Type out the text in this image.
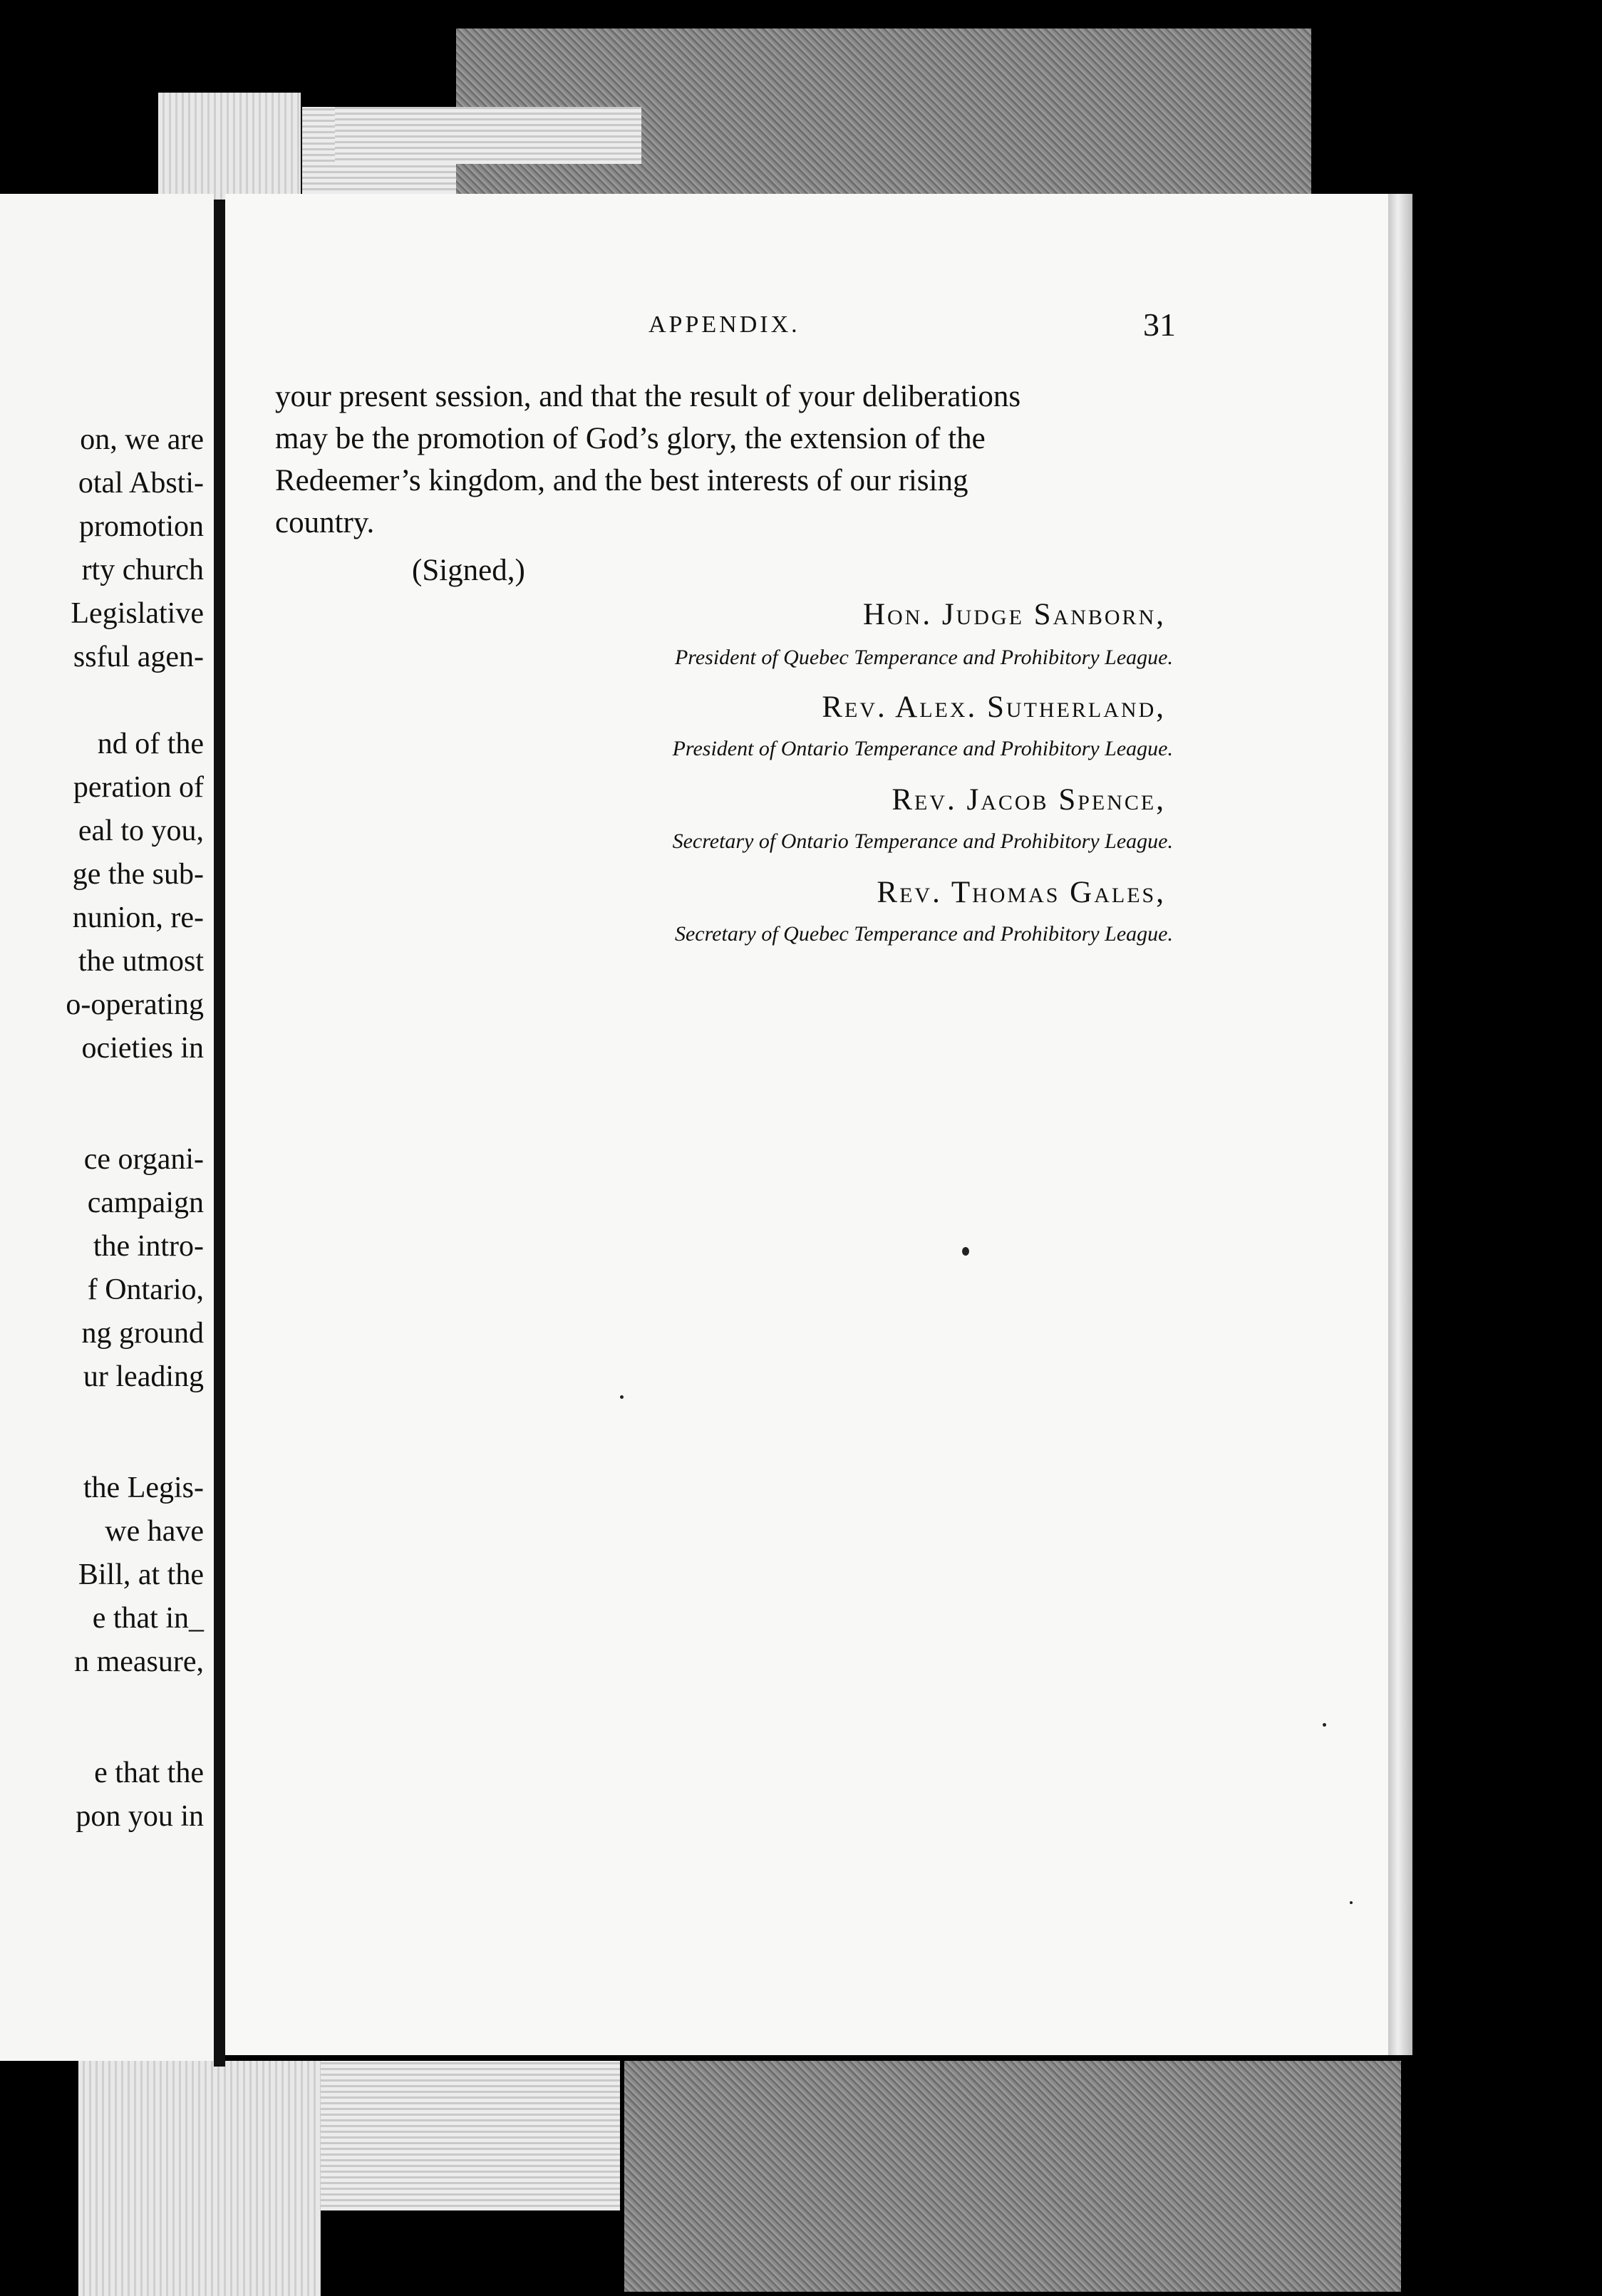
on, we are
otal Absti-
promotion
rty church
Legislative
ssful agen-
nd of the
peration of
eal to you,
ge the sub-
nunion, re-
the utmost
o-operating
ocieties in
ce organi-
campaign
the intro-
f Ontario,
ng ground
ur leading
the Legis-
we have
Bill, at the
e that in_
n measure,
e that the
pon you in
APPENDIX.	31
your present session, and that the result of your deliberations
may be the promotion of God’s glory, the extension of the
Redeemer’s kingdom, and the best interests of our rising
country.
(Signed,)
Hon. Judge Sanborn,
President of Quebec Temperance and Prohibitory League.
Rev. Alex. Sutherland,
President of Ontario Temperance and Prohibitory League.
Rev. Jacob Spence,
Secretary of Ontario Temperance and Prohibitory League.
Rev. Thomas Gales,
Secretary of Quebec Temperance and Prohibitory League.
